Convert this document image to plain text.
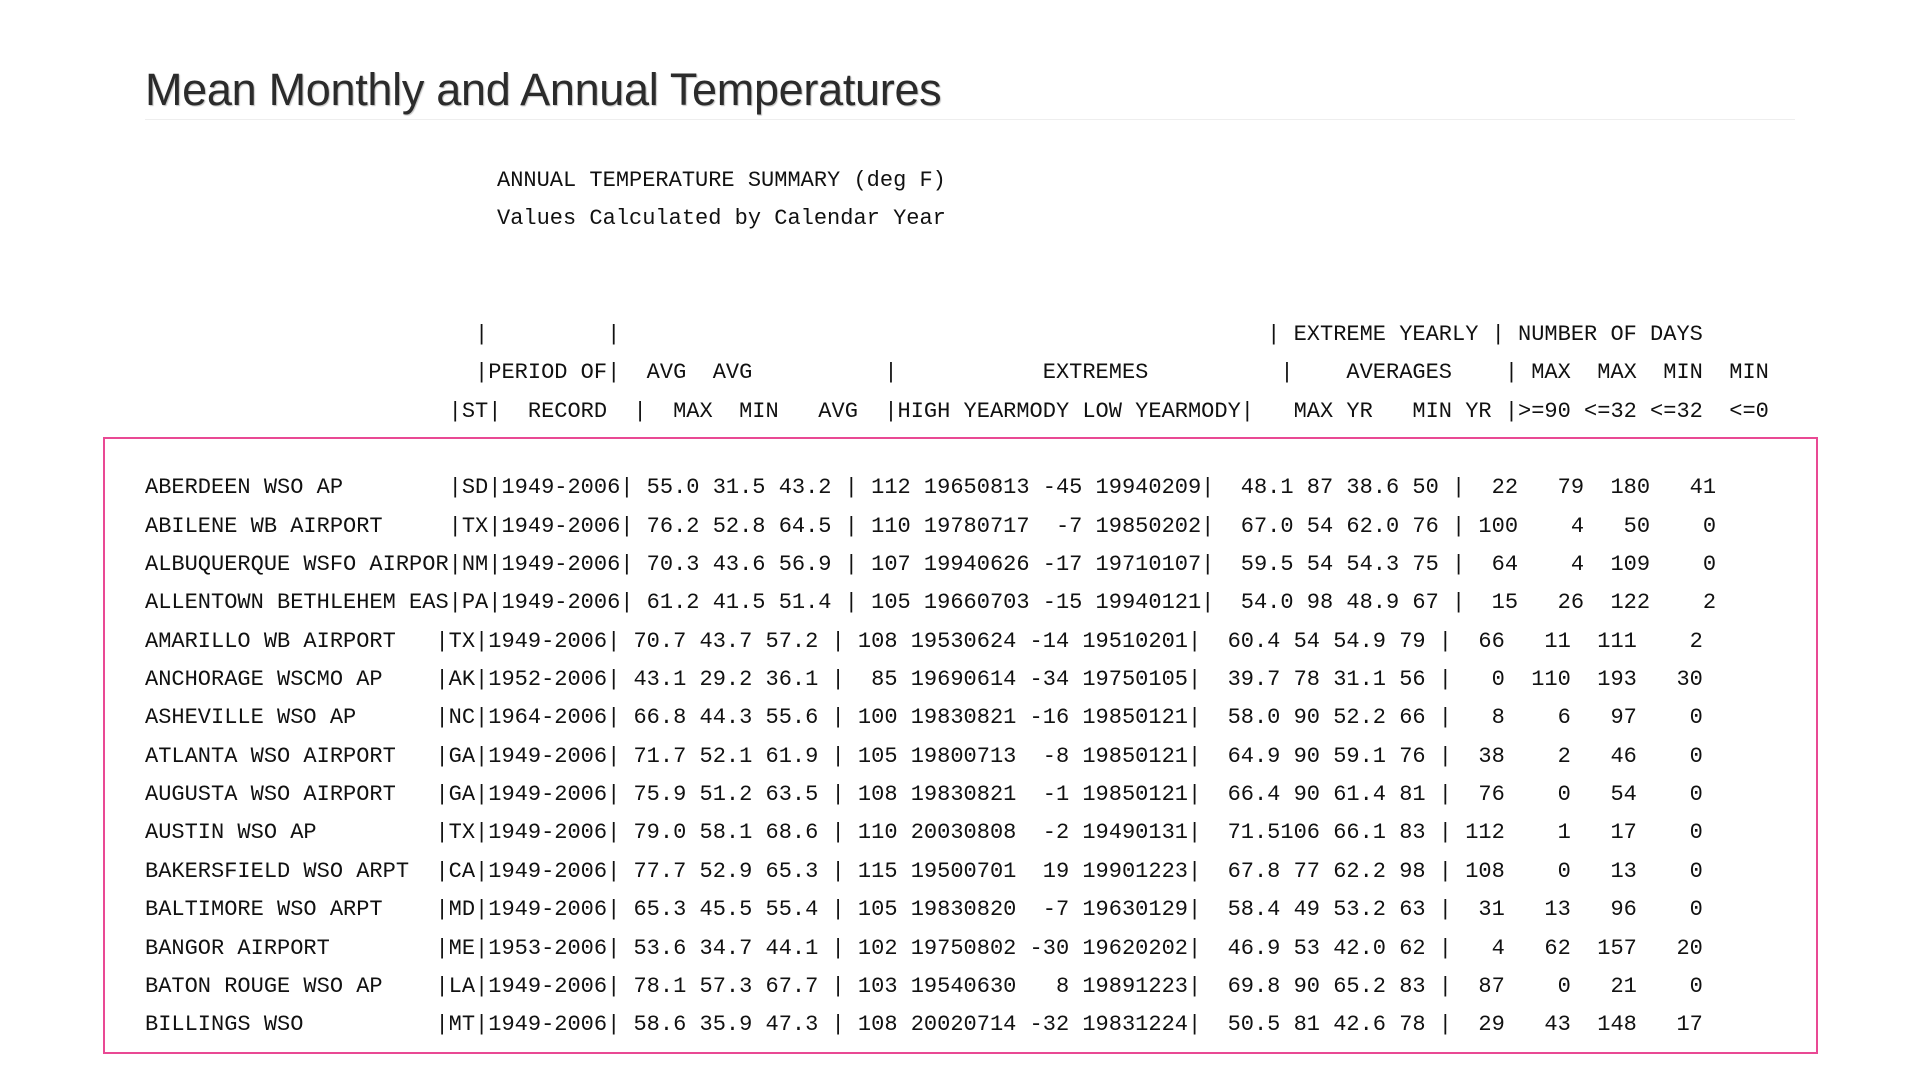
Mean Monthly and Annual Temperatures
ANNUAL TEMPERATURE SUMMARY (deg F)
Values Calculated by Calendar Year
|         |                                                 | EXTREME YEARLY | NUMBER OF DAYS
|PERIOD OF|  AVG  AVG          |           EXTREMES          |    AVERAGES    | MAX  MAX  MIN  MIN
|ST|  RECORD  |  MAX  MIN   AVG  |HIGH YEARMODY LOW YEARMODY|   MAX YR   MIN YR |>=90 <=32 <=32  <=0
ABERDEEN WSO AP        |SD|1949-2006| 55.0 31.5 43.2 | 112 19650813 -45 19940209|  48.1 87 38.6 50 |  22   79  180   41
ABILENE WB AIRPORT     |TX|1949-2006| 76.2 52.8 64.5 | 110 19780717  -7 19850202|  67.0 54 62.0 76 | 100    4   50    0
ALBUQUERQUE WSFO AIRPOR|NM|1949-2006| 70.3 43.6 56.9 | 107 19940626 -17 19710107|  59.5 54 54.3 75 |  64    4  109    0
ALLENTOWN BETHLEHEM EAS|PA|1949-2006| 61.2 41.5 51.4 | 105 19660703 -15 19940121|  54.0 98 48.9 67 |  15   26  122    2
AMARILLO WB AIRPORT   |TX|1949-2006| 70.7 43.7 57.2 | 108 19530624 -14 19510201|  60.4 54 54.9 79 |  66   11  111    2
ANCHORAGE WSCMO AP    |AK|1952-2006| 43.1 29.2 36.1 |  85 19690614 -34 19750105|  39.7 78 31.1 56 |   0  110  193   30
ASHEVILLE WSO AP      |NC|1964-2006| 66.8 44.3 55.6 | 100 19830821 -16 19850121|  58.0 90 52.2 66 |   8    6   97    0
ATLANTA WSO AIRPORT   |GA|1949-2006| 71.7 52.1 61.9 | 105 19800713  -8 19850121|  64.9 90 59.1 76 |  38    2   46    0
AUGUSTA WSO AIRPORT   |GA|1949-2006| 75.9 51.2 63.5 | 108 19830821  -1 19850121|  66.4 90 61.4 81 |  76    0   54    0
AUSTIN WSO AP         |TX|1949-2006| 79.0 58.1 68.6 | 110 20030808  -2 19490131|  71.5106 66.1 83 | 112    1   17    0
BAKERSFIELD WSO ARPT  |CA|1949-2006| 77.7 52.9 65.3 | 115 19500701  19 19901223|  67.8 77 62.2 98 | 108    0   13    0
BALTIMORE WSO ARPT    |MD|1949-2006| 65.3 45.5 55.4 | 105 19830820  -7 19630129|  58.4 49 53.2 63 |  31   13   96    0
BANGOR AIRPORT        |ME|1953-2006| 53.6 34.7 44.1 | 102 19750802 -30 19620202|  46.9 53 42.0 62 |   4   62  157   20
BATON ROUGE WSO AP    |LA|1949-2006| 78.1 57.3 67.7 | 103 19540630   8 19891223|  69.8 90 65.2 83 |  87    0   21    0
BILLINGS WSO          |MT|1949-2006| 58.6 35.9 47.3 | 108 20020714 -32 19831224|  50.5 81 42.6 78 |  29   43  148   17
